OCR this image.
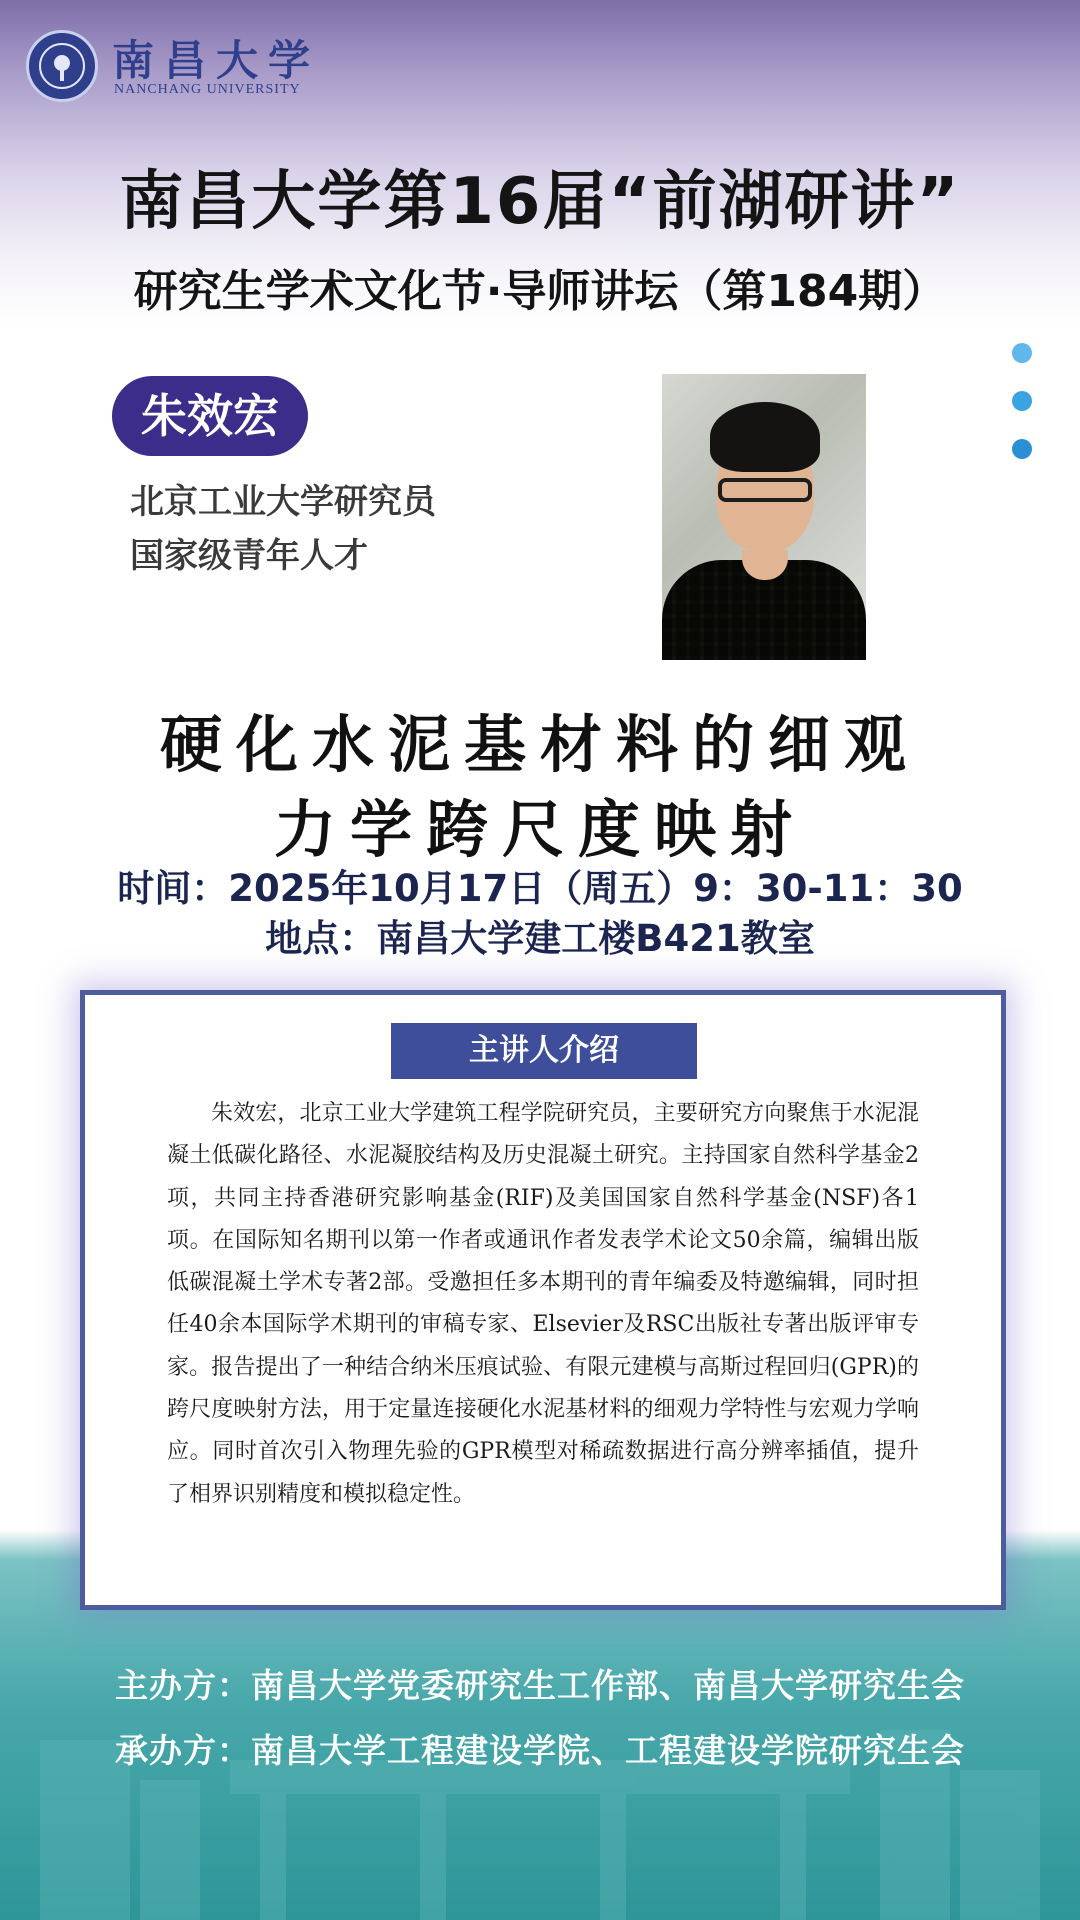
南昌大学
NANCHANG UNIVERSITY
南昌大学第16届“前湖研讲”
研究生学术文化节·导师讲坛（第184期）
朱效宏
北京工业大学研究员
国家级青年人才
硬化水泥基材料的细观
力学跨尺度映射
时间：2025年10月17日（周五）9：30-11：30
地点：南昌大学建工楼B421教室
主讲人介绍

朱效宏，北京工业大学建筑工程学院研究员，主要研究方向聚焦于水泥混凝土低碳化路径、水泥凝胶结构及历史混凝土研究。主持国家自然科学基金2项，共同主持香港研究影响基金(RIF)及美国国家自然科学基金(NSF)各1项。在国际知名期刊以第一作者或通讯作者发表学术论文50余篇，编辑出版低碳混凝土学术专著2部。受邀担任多本期刊的青年编委及特邀编辑，同时担任40余本国际学术期刊的审稿专家、Elsevier及RSC出版社专著出版评审专家。报告提出了一种结合纳米压痕试验、有限元建模与高斯过程回归(GPR)的跨尺度映射方法，用于定量连接硬化水泥基材料的细观力学特性与宏观力学响应。同时首次引入物理先验的GPR模型对稀疏数据进行高分辨率插值，提升了相界识别精度和模拟稳定性。

主办方：南昌大学党委研究生工作部、南昌大学研究生会
承办方：南昌大学工程建设学院、工程建设学院研究生会
